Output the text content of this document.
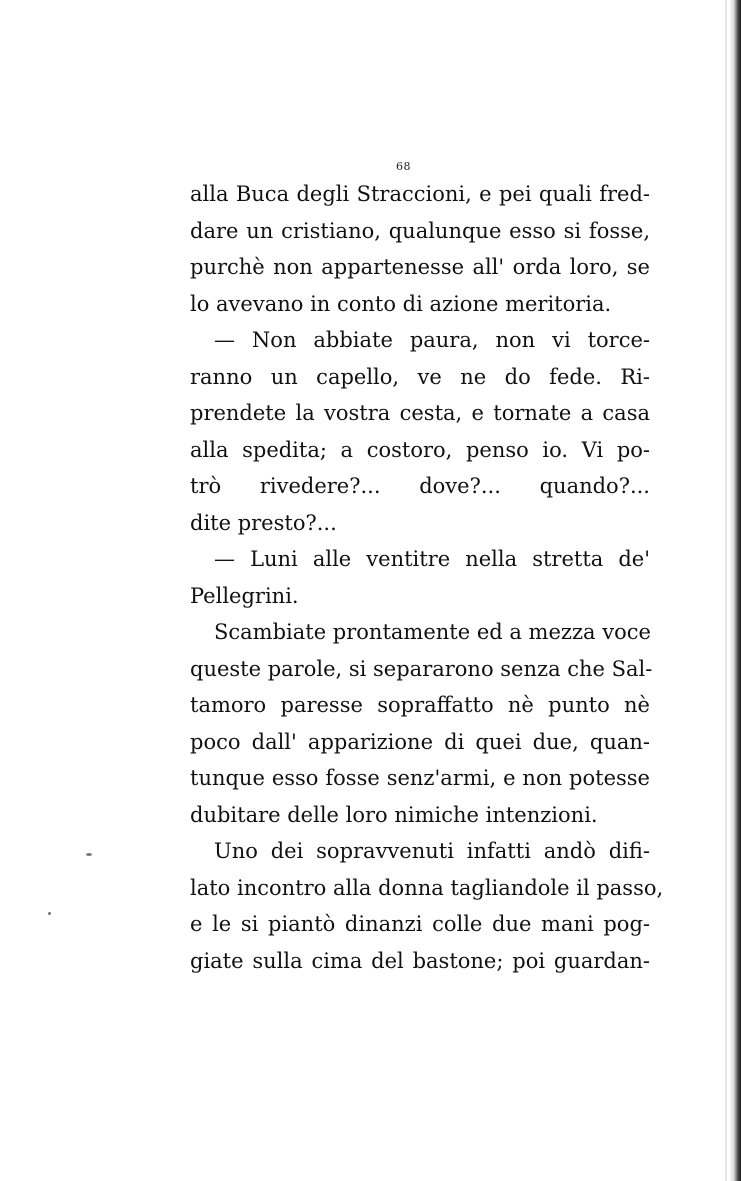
68
alla Buca degli Straccioni, e pei quali fred-
dare un cristiano, qualunque esso si fosse,
purchè non appartenesse all' orda loro, se
lo avevano in conto di azione meritoria.
— Non abbiate paura, non vi torce-
ranno un capello, ve ne do fede. Ri-
prendete la vostra cesta, e tornate a casa
alla spedita; a costoro, penso io. Vi po-
trò rivedere?... dove?... quando?...
dite presto?...
— Luni alle ventitre nella stretta de'
Pellegrini.
Scambiate prontamente ed a mezza voce
queste parole, si separarono senza che Sal-
tamoro paresse sopraffatto nè punto nè
poco dall' apparizione di quei due, quan-
tunque esso fosse senz'armi, e non potesse
dubitare delle loro nimiche intenzioni.
Uno dei sopravvenuti infatti andò difi-
lato incontro alla donna tagliandole il passo,
e le si piantò dinanzi colle due mani pog-
giate sulla cima del bastone; poi guardan-
